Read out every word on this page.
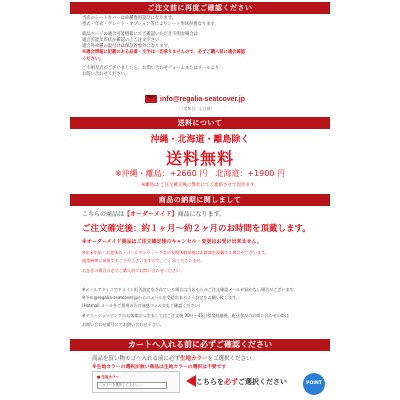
ご注文前に再度ご確認ください
当店のシートカバーは車種専用設計になります。
型式・年式・グレード・オプション等によりシート形状が異なります。
商品ページの適合可能情報にてご確認いただき不明な場合は
適合可能な形状か確認の上ご注文下さい。
適合外車種の取付けは保証対象外になります。
※適合情報に記載のある品番・文字は一切承りませんので、必ずご購入前に適合確認
ください。
ご不明な点がございましたら、お問い合わせフォームまたはメールより
お問い合わせください。
info@regalia-seatcover.jp
（定休日：土日祝）
送料について
沖縄・北海道・離島除く
送料無料
※沖縄・離島：+2660 円　北海道：+1900 円
※離島は ご注文確定後に弊社にてご連絡させて頂きます。
商品の納期に関しまして
こちらの商品は【オーダーメイド】商品になります。
ご注文確定後：約１ヶ月～約２ヶ月のお時間を頂戴します。
※オーダーメイド商品はご注文確定後のキャンセル・変更はお受け出来ません。
※年末年始・お盆休み・ゴールデンウィーク等の長期休暇前後はお時間を頂戴する場合がございます。
通常納期に前後することがございますので、ご了承くださいませ。
お急ぎの場合は必ずご購入前にお問い合わせください。
※メールアドレスでドメイン拒否設定をされている場合は当店からのご注文確認メールが届かない場合がございます。
※予め@regalia-seatcover.jpからのメールを受信出来るよう設定をお願い致します。
(Hotmail メールをご利用の方は迷惑フォルダもご確認ください）
※ヤフーショッピングのお客様につきましてはご注文後 30日～45日程度経過後、配送状況のお問い合わせの際は
お問い合わせ番号にてお問い合わせ下さい。
カートへ入れる前に必ずご確認ください
商品を買い物カゴへ入れる前に必ず生地カラーをご選択ください。
※生地カラーの選択が無い商品は生地カラーの選択は不要です
■ 生地カラー
- カラーを選択して下さい -	こちらを必ずご選択ください	POINT
